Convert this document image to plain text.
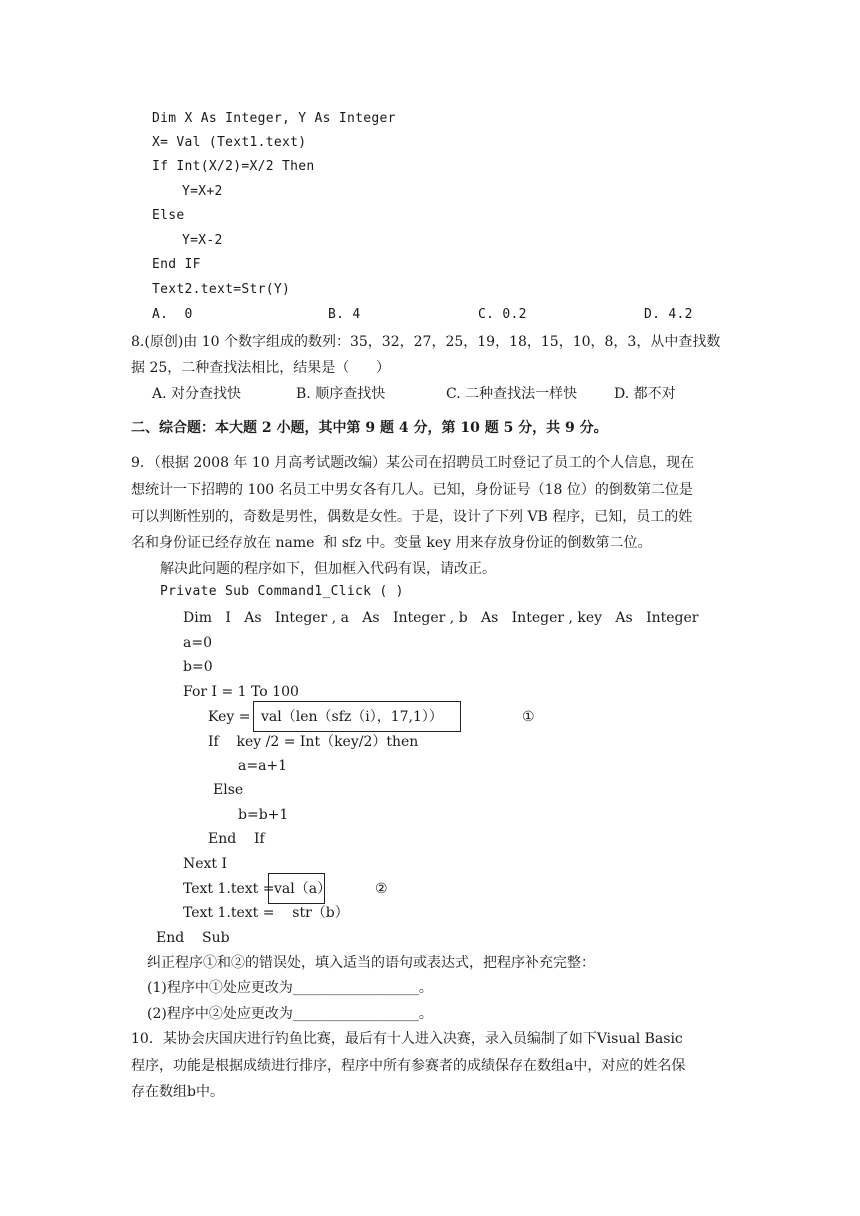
Dim X As Integer, Y As Integer
X= Val (Text1.text)
If Int(X/2)=X/2 Then
Y=X+2
Else
Y=X-2
End IF
Text2.text=Str(Y)
A.  0	B. 4	C. 0.2	D. 4.2
8.(原创)由 10 个数字组成的数列：35，32，27，25，19，18，15，10，8，3，从中查找数
据 25，二种查找法相比，结果是（      ）
A. 对分查找快	B. 顺序查找快	C. 二种查找法一样快	D. 都不对
二、综合题：本大题 2 小题，其中第 9 题 4 分，第 10 题 5 分，共 9 分。
9．（根据 2008 年 10 月高考试题改编）某公司在招聘员工时登记了员工的个人信息，现在
想统计一下招聘的 100 名员工中男女各有几人。已知，身份证号（18 位）的倒数第二位是
可以判断性别的，奇数是男性，偶数是女性。于是，设计了下列 VB 程序，已知，员工的姓
名和身份证已经存放在 name  和 sfz 中。变量 key 用来存放身份证的倒数第二位。
解决此问题的程序如下，但加框入代码有误，请改正。
Private Sub Command1_Click ( )
Dim   I   As   Integer , a   As   Integer , b   As   Integer , key   As   Integer
a=0
b=0
For I = 1 To 100
Key = val（len（sfz（i），17,1））	①
If    key /2 = Int（key/2）then
a=a+1
Else
b=b+1
End    If
Next I
Text 1.text = val（a）	②
Text 1.text =    str（b）
End    Sub
纠正程序①和②的错误处，填入适当的语句或表达式，把程序补充完整：
(1)程序中①处应更改为__________________。
(2)程序中②处应更改为__________________。
10．某协会庆国庆进行钓鱼比赛，最后有十人进入决赛，录入员编制了如下Visual Basic
程序，功能是根据成绩进行排序，程序中所有参赛者的成绩保存在数组a中，对应的姓名保
存在数组b中。
